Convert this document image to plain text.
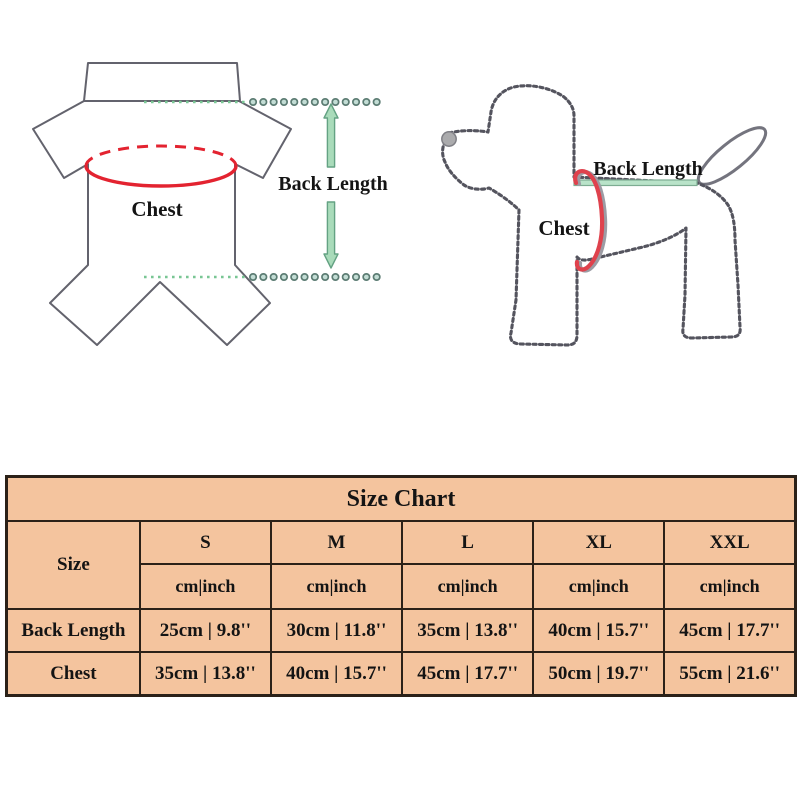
Chest
Back Length
Back Length
Chest
Size Chart					
Size	S	M	L	XL	XXL
	cm|inch	cm|inch	cm|inch	cm|inch	cm|inch
Back Length	25cm | 9.8''	30cm | 11.8''	35cm | 13.8''	40cm | 15.7''	45cm | 17.7''
Chest	35cm | 13.8''	40cm | 15.7''	45cm | 17.7''	50cm | 19.7''	55cm | 21.6''
